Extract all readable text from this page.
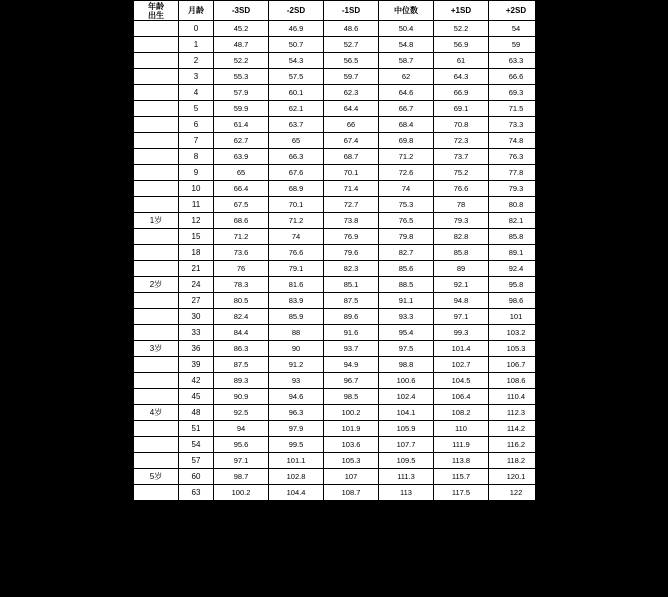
年龄
出生	月龄	-3SD	-2SD	-1SD	中位数	+1SD	+2SD	+3SD
	0	45.2	46.9	48.6	50.4	52.2	54	55.8
	1	48.7	50.7	52.7	54.8	56.9	59	61.2
	2	52.2	54.3	56.5	58.7	61	63.3	65.7
	3	55.3	57.5	59.7	62	64.3	66.6	69
	4	57.9	60.1	62.3	64.6	66.9	69.3	71.7
	5	59.9	62.1	64.4	66.7	69.1	71.5	73.9
	6	61.4	63.7	66	68.4	70.8	73.3	75.8
	7	62.7	65	67.4	69.8	72.3	74.8	77.4
	8	63.9	66.3	68.7	71.2	73.7	76.3	78.9
	9	65	67.6	70.1	72.6	75.2	77.8	80.5
	10	66.4	68.9	71.4	74	76.6	79.3	82.1
	11	67.5	70.1	72.7	75.3	78	80.8	83.6
1岁	12	68.6	71.2	73.8	76.5	79.3	82.1	85
	15	71.2	74	76.9	79.8	82.8	85.8	88.9
	18	73.6	76.6	79.6	82.7	85.8	89.1	92.4
	21	76	79.1	82.3	85.6	89	92.4	95.9
2岁	24	78.3	81.6	85.1	88.5	92.1	95.8	99.5
	27	80.5	83.9	87.5	91.1	94.8	98.6	102.5
	30	82.4	85.9	89.6	93.3	97.1	101	105
	33	84.4	88	91.6	95.4	99.3	103.2	107.2
3岁	36	86.3	90	93.7	97.5	101.4	105.3	109.4
	39	87.5	91.2	94.9	98.8	102.7	106.7	110.7
	42	89.3	93	96.7	100.6	104.5	108.6	112.7
	45	90.9	94.6	98.5	102.4	106.4	110.4	114.6
4岁	48	92.5	96.3	100.2	104.1	108.2	112.3	116.5
	51	94	97.9	101.9	105.9	110	114.2	118.5
	54	95.6	99.5	103.6	107.7	111.9	116.2	120.6
	57	97.1	101.1	105.3	109.5	113.8	118.2	122.6
5岁	60	98.7	102.8	107	111.3	115.7	120.1	124.7
	63	100.2	104.4	108.7	113	117.5	122	126.7
	66	101.6	105.9	110.3	114.7	119.2	123.8	128.6
	69	103	107.3	111.7	116.3	120.9	125.6	130.4
6岁	72	104.1	108.6	113.1	117.7	122.4	127.2	132.1
	75	105.3	109.8	114.4	119.2	124	128.8	133.8
	78	106.5	111.1	115.8	120.7	125.6	130.5	135.6
	81	107.9	112.6	117.4	122.3	127.3	132.4	137.6
